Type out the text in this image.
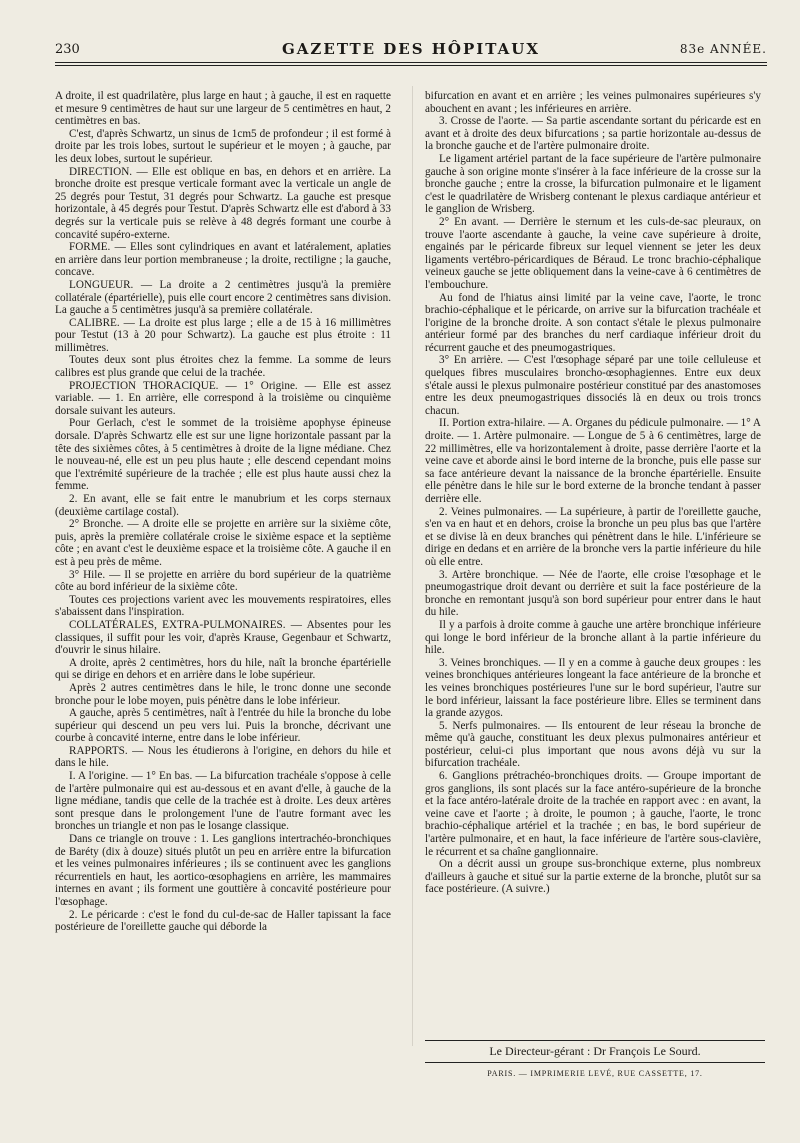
230	GAZETTE DES HÔPITAUX	83e ANNÉE.

A droite, il est quadrilatère, plus large en haut ; à gauche, il est en raquette et mesure 9 centimètres de haut sur une largeur de 5 centimètres en haut, 2 centimètres en bas.

C'est, d'après Schwartz, un sinus de 1cm5 de profondeur ; il est formé à droite par les trois lobes, surtout le supérieur et le moyen ; à gauche, par les deux lobes, surtout le supérieur.

DIRECTION. — Elle est oblique en bas, en dehors et en arrière. La bronche droite est presque verticale formant avec la verticale un angle de 25 degrés pour Testut, 31 degrés pour Schwartz. La gauche est presque horizontale, à 45 degrés pour Testut. D'après Schwartz elle est d'abord à 33 degrés sur la verticale puis se relève à 48 degrés formant une courbe à concavité supéro-externe.

FORME. — Elles sont cylindriques en avant et latéralement, aplaties en arrière dans leur portion membraneuse ; la droite, rectiligne ; la gauche, concave.

LONGUEUR. — La droite a 2 centimètres jusqu'à la première collatérale (épartérielle), puis elle court encore 2 centimètres sans division. La gauche a 5 centimètres jusqu'à sa première collatérale.

CALIBRE. — La droite est plus large ; elle a de 15 à 16 millimètres pour Testut (13 à 20 pour Schwartz). La gauche est plus étroite : 11 millimètres.

Toutes deux sont plus étroites chez la femme. La somme de leurs calibres est plus grande que celui de la trachée.

PROJECTION THORACIQUE. — 1° Origine. — Elle est assez variable. — 1. En arrière, elle correspond à la troisième ou cinquième dorsale suivant les auteurs.

Pour Gerlach, c'est le sommet de la troisième apophyse épineuse dorsale. D'après Schwartz elle est sur une ligne horizontale passant par la tête des sixièmes côtes, à 5 centimètres à droite de la ligne médiane. Chez le nouveau-né, elle est un peu plus haute ; elle descend cependant moins que l'extrémité supérieure de la trachée ; elle est plus haute aussi chez la femme.

2. En avant, elle se fait entre le manubrium et les corps sternaux (deuxième cartilage costal).

2° Bronche. — A droite elle se projette en arrière sur la sixième côte, puis, après la première collatérale croise le sixième espace et la septième côte ; en avant c'est le deuxième espace et la troisième côte. A gauche il en est à peu près de même.

3° Hile. — Il se projette en arrière du bord supérieur de la quatrième côte au bord inférieur de la sixième côte.

Toutes ces projections varient avec les mouvements respiratoires, elles s'abaissent dans l'inspiration.

COLLATÉRALES, EXTRA-PULMONAIRES. — Absentes pour les classiques, il suffit pour les voir, d'après Krause, Gegenbaur et Schwartz, d'ouvrir le sinus hilaire.

A droite, après 2 centimètres, hors du hile, naît la bronche épartérielle qui se dirige en dehors et en arrière dans le lobe supérieur.

Après 2 autres centimètres dans le hile, le tronc donne une seconde bronche pour le lobe moyen, puis pénètre dans le lobe inférieur.

A gauche, après 5 centimètres, naît à l'entrée du hile la bronche du lobe supérieur qui descend un peu vers lui. Puis la bronche, décrivant une courbe à concavité interne, entre dans le lobe inférieur.

RAPPORTS. — Nous les étudierons à l'origine, en dehors du hile et dans le hile.

I. A l'origine. — 1° En bas. — La bifurcation trachéale s'oppose à celle de l'artère pulmonaire qui est au-dessous et en avant d'elle, à gauche de la ligne médiane, tandis que celle de la trachée est à droite. Les deux artères sont presque dans le prolongement l'une de l'autre formant avec les bronches un triangle et non pas le losange classique.

Dans ce triangle on trouve : 1. Les ganglions intertrachéo-bronchiques de Baréty (dix à douze) situés plutôt un peu en arrière entre la bifurcation et les veines pulmonaires inférieures ; ils se continuent avec les ganglions récurrentiels en haut, les aortico-œsophagiens en arrière, les mammaires internes en avant ; ils forment une gouttière à concavité postérieure pour l'œsophage.

2. Le péricarde : c'est le fond du cul-de-sac de Haller tapissant la face postérieure de l'oreillette gauche qui déborde la

bifurcation en avant et en arrière ; les veines pulmonaires supérieures s'y abouchent en avant ; les inférieures en arrière.

3. Crosse de l'aorte. — Sa partie ascendante sortant du péricarde est en avant et à droite des deux bifurcations ; sa partie horizontale au-dessus de la bronche gauche et de l'artère pulmonaire droite.

Le ligament artériel partant de la face supérieure de l'artère pulmonaire gauche à son origine monte s'insérer à la face inférieure de la crosse sur la bronche gauche ; entre la crosse, la bifurcation pulmonaire et le ligament c'est le quadrilatère de Wrisberg contenant le plexus cardiaque antérieur et le ganglion de Wrisberg.

2° En avant. — Derrière le sternum et les culs-de-sac pleuraux, on trouve l'aorte ascendante à gauche, la veine cave supérieure à droite, engainés par le péricarde fibreux sur lequel viennent se jeter les deux ligaments vertébro-péricardiques de Béraud. Le tronc brachio-céphalique veineux gauche se jette obliquement dans la veine-cave à 6 centimètres de l'embouchure.

Au fond de l'hiatus ainsi limité par la veine cave, l'aorte, le tronc brachio-céphalique et le péricarde, on arrive sur la bifurcation trachéale et l'origine de la bronche droite. A son contact s'étale le plexus pulmonaire antérieur formé par des branches du nerf cardiaque inférieur droit du récurrent gauche et des pneumogastriques.

3° En arrière. — C'est l'œsophage séparé par une toile celluleuse et quelques fibres musculaires broncho-œsophagiennes. Entre eux deux s'étale aussi le plexus pulmonaire postérieur constitué par des anastomoses entre les deux pneumogastriques dissociés là en deux ou trois troncs chacun.

II. Portion extra-hilaire. — A. Organes du pédicule pulmonaire. — 1° A droite. — 1. Artère pulmonaire. — Longue de 5 à 6 centimètres, large de 22 millimètres, elle va horizontalement à droite, passe derrière l'aorte et la veine cave et aborde ainsi le bord interne de la bronche, puis elle passe sur sa face antérieure devant la naissance de la bronche épartérielle. Ensuite elle pénètre dans le hile sur le bord externe de la bronche tendant à passer derrière elle.

2. Veines pulmonaires. — La supérieure, à partir de l'oreillette gauche, s'en va en haut et en dehors, croise la bronche un peu plus bas que l'artère et se divise là en deux branches qui pénètrent dans le hile. L'inférieure se dirige en dedans et en arrière de la bronche vers la partie inférieure du hile où elle entre.

3. Artère bronchique. — Née de l'aorte, elle croise l'œsophage et le pneumogastrique droit devant ou derrière et suit la face postérieure de la bronche en remontant jusqu'à son bord supérieur pour entrer dans le haut du hile.

Il y a parfois à droite comme à gauche une artère bronchique inférieure qui longe le bord inférieur de la bronche allant à la partie inférieure du hile.

3. Veines bronchiques. — Il y en a comme à gauche deux groupes : les veines bronchiques antérieures longeant la face antérieure de la bronche et les veines bronchiques postérieures l'une sur le bord supérieur, l'autre sur le bord inférieur, laissant la face postérieure libre. Elles se terminent dans la grande azygos.

5. Nerfs pulmonaires. — Ils entourent de leur réseau la bronche de même qu'à gauche, constituant les deux plexus pulmonaires antérieur et postérieur, celui-ci plus important que nous avons déjà vu sur la bifurcation trachéale.

6. Ganglions prétrachéo-bronchiques droits. — Groupe important de gros ganglions, ils sont placés sur la face antéro-supérieure de la bronche et la face antéro-latérale droite de la trachée en rapport avec : en avant, la veine cave et l'aorte ; à droite, le poumon ; à gauche, l'aorte, le tronc brachio-céphalique artériel et la trachée ; en bas, le bord supérieur de l'artère pulmonaire, et en haut, la face inférieure de l'artère sous-clavière, le récurrent et sa chaîne ganglionnaire.

On a décrit aussi un groupe sus-bronchique externe, plus nombreux d'ailleurs à gauche et situé sur la partie externe de la bronche, plutôt sur sa face postérieure. (A suivre.)

Le Directeur-gérant : Dr François Le Sourd.
PARIS. — IMPRIMERIE LEVÉ, RUE CASSETTE, 17.
